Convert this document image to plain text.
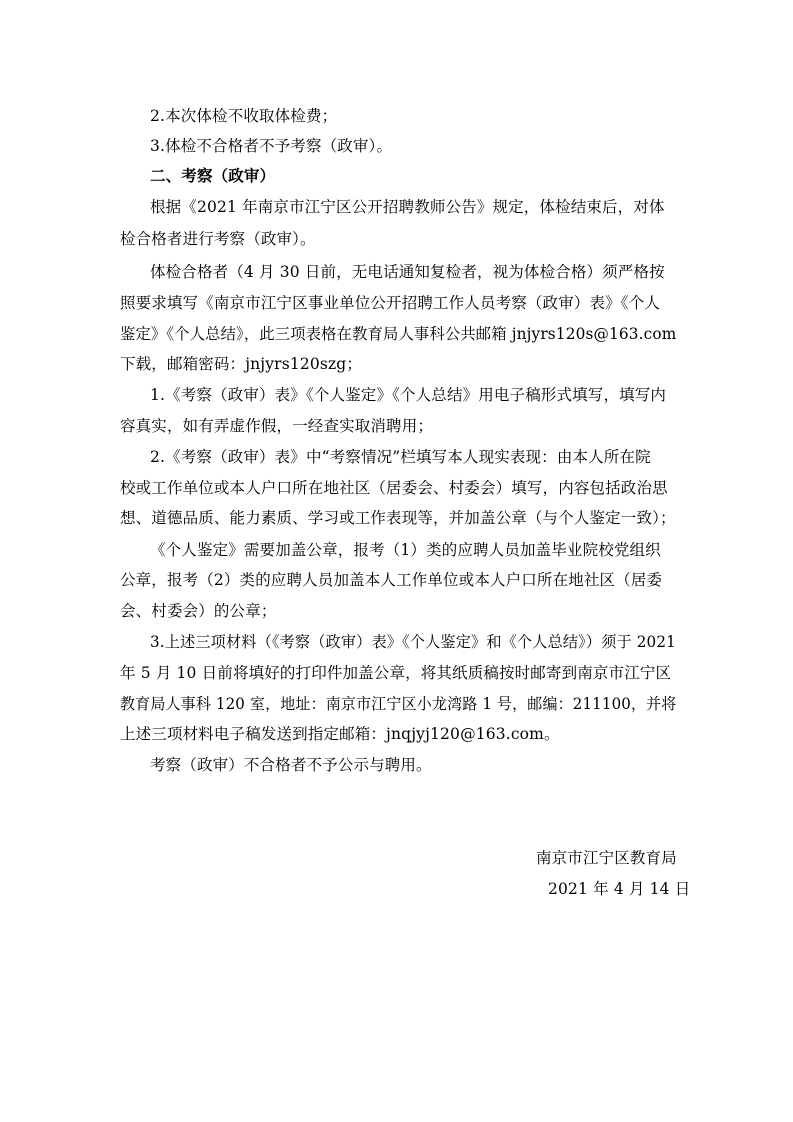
2.本次体检不收取体检费；
3.体检不合格者不予考察（政审）。
二、考察（政审）
根据《2021 年南京市江宁区公开招聘教师公告》规定，体检结束后，对体
检合格者进行考察（政审）。
体检合格者（4 月 30 日前，无电话通知复检者，视为体检合格）须严格按
照要求填写《南京市江宁区事业单位公开招聘工作人员考察（政审）表》《个人
鉴定》《个人总结》，此三项表格在教育局人事科公共邮箱 jnjyrs120s@163.com
下载，邮箱密码：jnjyrs120szg；
1.《考察（政审）表》《个人鉴定》《个人总结》用电子稿形式填写，填写内
容真实，如有弄虚作假，一经查实取消聘用；
2.《考察（政审）表》中“考察情况”栏填写本人现实表现：由本人所在院
校或工作单位或本人户口所在地社区（居委会、村委会）填写，内容包括政治思
想、道德品质、能力素质、学习或工作表现等，并加盖公章（与个人鉴定一致）；
《个人鉴定》需要加盖公章，报考（1）类的应聘人员加盖毕业院校党组织
公章，报考（2）类的应聘人员加盖本人工作单位或本人户口所在地社区（居委
会、村委会）的公章；
3.上述三项材料（《考察（政审）表》《个人鉴定》和《个人总结》）须于 2021
年 5 月 10 日前将填好的打印件加盖公章，将其纸质稿按时邮寄到南京市江宁区
教育局人事科 120 室，地址：南京市江宁区小龙湾路 1 号，邮编：211100，并将
上述三项材料电子稿发送到指定邮箱：jnqjyj120@163.com。
考察（政审）不合格者不予公示与聘用。
南京市江宁区教育局
2021 年 4 月 14 日
